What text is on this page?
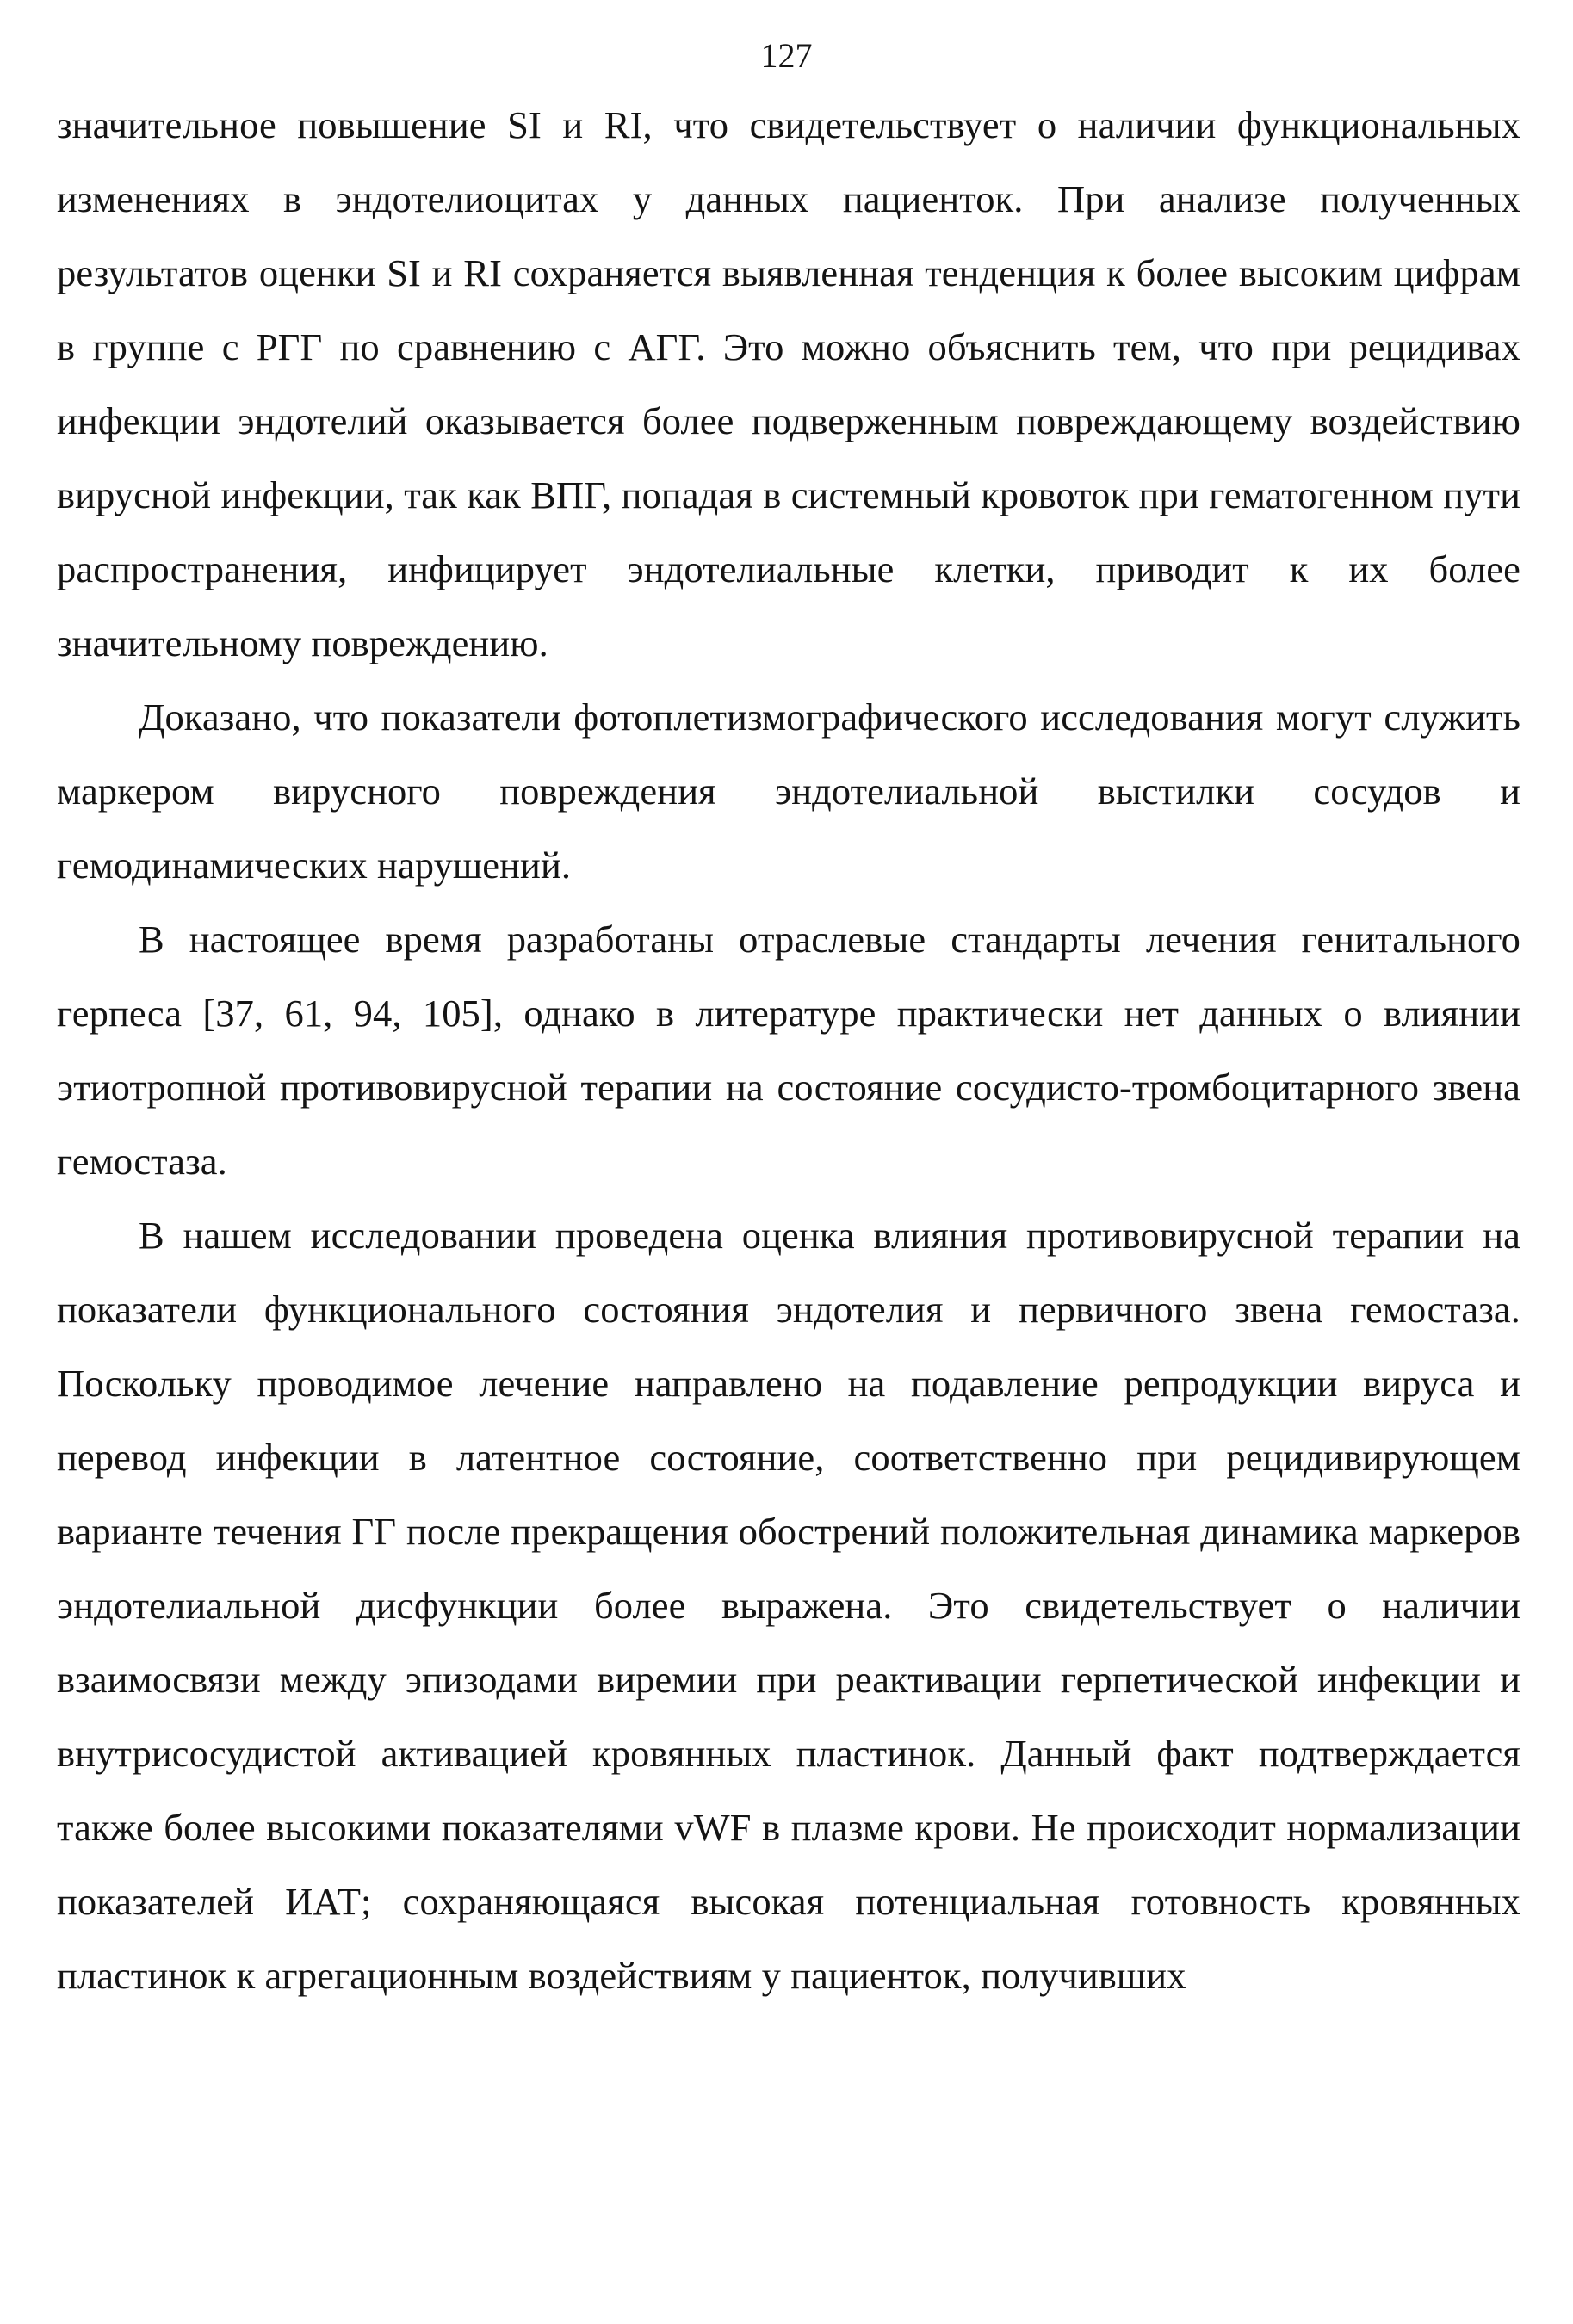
127

значительное повышение SI и RI, что свидетельствует о наличии функциональных изменениях в эндотелиоцитах у данных пациенток. При анализе полученных результатов оценки SI и RI сохраняется выявленная тенденция к более высоким цифрам в группе с РГГ по сравнению с АГГ. Это можно объяснить тем, что при рецидивах инфекции эндотелий оказывается более подверженным повреждающему воздействию вирусной инфекции, так как ВПГ, попадая в системный кровоток при гематогенном пути распространения, инфицирует эндотелиальные клетки, приводит к их более значительному повреждению.

Доказано, что показатели фотоплетизмографического исследования могут служить маркером вирусного повреждения эндотелиальной выстилки сосудов и гемодинамических нарушений.

В настоящее время разработаны отраслевые стандарты лечения генитального герпеса [37, 61, 94, 105], однако в литературе практически нет данных о влиянии этиотропной противовирусной терапии на состояние сосудисто-тромбоцитарного звена гемостаза.

В нашем исследовании проведена оценка влияния противовирусной терапии на показатели функционального состояния эндотелия и первичного звена гемостаза. Поскольку проводимое лечение направлено на подавление репродукции вируса и перевод инфекции в латентное состояние, соответственно при рецидивирующем варианте течения ГГ после прекращения обострений положительная динамика маркеров эндотелиальной дисфункции более выражена. Это свидетельствует о наличии взаимосвязи между эпизодами виремии при реактивации герпетической инфекции и внутрисосудистой активацией кровянных пластинок. Данный факт подтверждается также более высокими показателями vWF в плазме крови. Не происходит нормализации показателей ИАТ; сохраняющаяся высокая потенциальная готовность кровянных пластинок к агрегационным воздействиям у пациенток, получивших
